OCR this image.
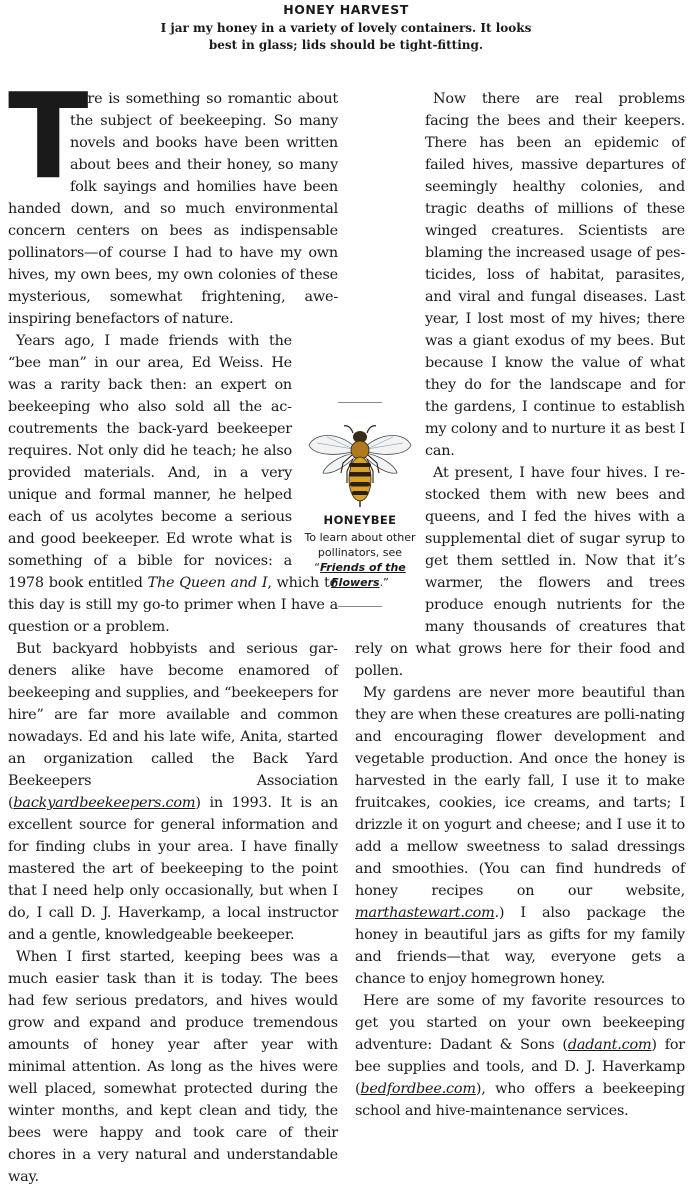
HONEY HARVEST
I jar my honey in a variety of lovely containers. It looks best in glass; lids should be tight-fitting.

T
here is something so romantic about the subject of beekeeping. So many novels and books have been written about bees and their honey, so many folk sayings and homilies have been handed down, and so much environmental concern centers on bees as indispensable pollinators—of course I had to have my own hives, my own bees, my own colonies of these mysterious, somewhat frightening, awe-inspiring benefactors of nature.

Years ago, I made friends with the “bee man” in our area, Ed Weiss. He was a rarity back then: an expert on beekeeping who also sold all the accoutrements the back-yard beekeeper requires. Not only did he teach; he also provided materials. And, in a very unique and formal manner, he helped each of us acolytes become a serious and good beekeeper. Ed wrote what is something of a bible for novices: a 1978 book entitled The Queen and I, which to this day is still my go-to primer when I have a question or a problem.

But backyard hobbyists and serious gardeners alike have become enamored of beekeeping and supplies, and “beekeepers for hire” are far more available and common nowadays. Ed and his late wife, Anita, started an organization called the Back Yard Beekeepers Association (backyardbeekeepers.com) in 1993. It is an excellent source for general information and for finding clubs in your area. I have finally mastered the art of beekeeping to the point that I need help only occasionally, but when I do, I call D. J. Haverkamp, a local instructor and a gentle, knowledgeable beekeeper.

When I first started, keeping bees was a much easier task than it is today. The bees had few serious predators, and hives would grow and expand and produce tremendous amounts of honey year after year with minimal attention. As long as the hives were well placed, somewhat protected during the winter months, and kept clean and tidy, the bees were happy and took care of their chores in a very natural and understandable way.

Now there are real problems facing the bees and their keepers. There has been an epidemic of failed hives, massive departures of seemingly healthy colonies, and tragic deaths of millions of these winged creatures. Scientists are blaming the increased usage of pes-ticides, loss of habitat, parasites, and viral and fungal diseases. Last year, I lost most of my hives; there was a giant exodus of my bees. But because I know the value of what they do for the landscape and for the gardens, I continue to establish my colony and to nurture it as best I can.

At present, I have four hives. I restocked them with new bees and queens, and I fed the hives with a supplemental diet of sugar syrup to get them settled in. Now that it’s warmer, the flowers and trees produce enough nutrients for the many thousands of creatures that rely on what grows here for their food and pollen.

My gardens are never more beautiful than they are when these creatures are polli-nating and encouraging flower development and vegetable production. And once the honey is harvested in the early fall, I use it to make fruitcakes, cookies, ice creams, and tarts; I drizzle it on yogurt and cheese; and I use it to add a mellow sweetness to salad dressings and smoothies. (You can find hundreds of honey recipes on our website, marthastewart.com.) I also package the honey in beautiful jars as gifts for my family and friends—that way, everyone gets a chance to enjoy homegrown honey.

Here are some of my favorite resources to get you started on your own beekeeping adventure: Dadant & Sons (dadant.com) for bee supplies and tools, and D. J. Haverkamp (bedfordbee.com), who offers a beekeeping school and hive-maintenance services.

HONEYBEE
To learn about other pollinators, see “Friends of the Flowers.”
